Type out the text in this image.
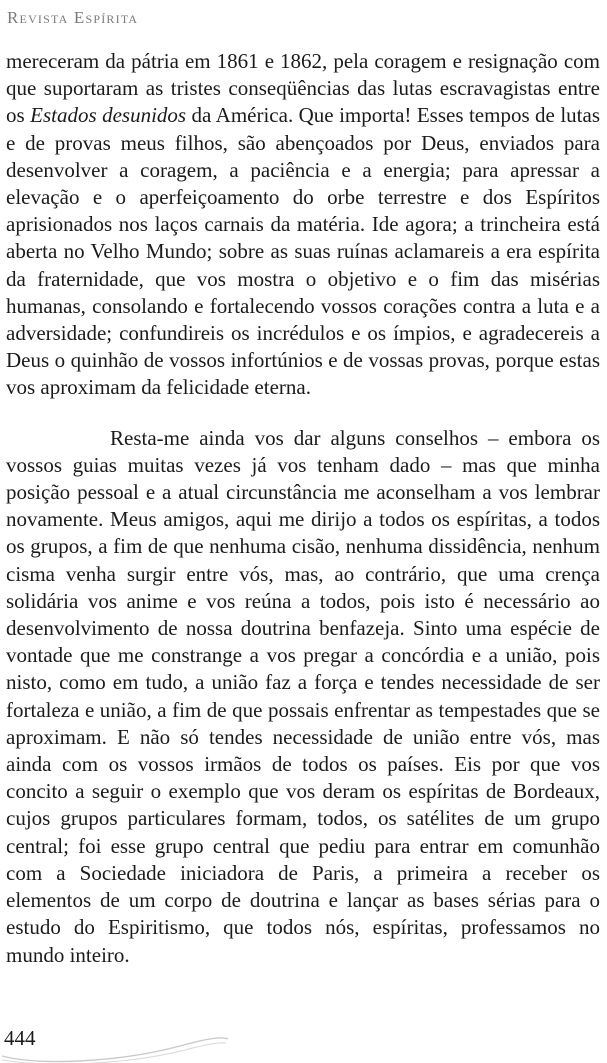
Revista Espírita

mereceram da pátria em 1861 e 1862, pela coragem e resignação com que suportaram as tristes conseqüências das lutas escravagistas entre os Estados desunidos da América. Que importa! Esses tempos de lutas e de provas meus filhos, são abençoados por Deus, enviados para desenvolver a coragem, a paciência e a energia; para apressar a elevação e o aperfeiçoamento do orbe terrestre e dos Espíritos aprisionados nos laços carnais da matéria. Ide agora; a trincheira está aberta no Velho Mundo; sobre as suas ruínas aclamareis a era espírita da fraternidade, que vos mostra o objetivo e o fim das misérias humanas, consolando e fortalecendo vossos corações contra a luta e a adversidade; confundireis os incrédulos e os ímpios, e agradecereis a Deus o quinhão de vossos infortúnios e de vossas provas, porque estas vos aproximam da felicidade eterna.

Resta-me ainda vos dar alguns conselhos – embora os vossos guias muitas vezes já vos tenham dado – mas que minha posição pessoal e a atual circunstância me aconselham a vos lembrar novamente. Meus amigos, aqui me dirijo a todos os espíritas, a todos os grupos, a fim de que nenhuma cisão, nenhuma dissidência, nenhum cisma venha surgir entre vós, mas, ao contrário, que uma crença solidária vos anime e vos reúna a todos, pois isto é necessário ao desenvolvimento de nossa doutrina benfazeja. Sinto uma espécie de vontade que me constrange a vos pregar a concórdia e a união, pois nisto, como em tudo, a união faz a força e tendes necessidade de ser fortaleza e união, a fim de que possais enfrentar as tempestades que se aproximam. E não só tendes necessidade de união entre vós, mas ainda com os vossos irmãos de todos os países. Eis por que vos concito a seguir o exemplo que vos deram os espíritas de Bordeaux, cujos grupos particulares formam, todos, os satélites de um grupo central; foi esse grupo central que pediu para entrar em comunhão com a Sociedade iniciadora de Paris, a primeira a receber os elementos de um corpo de doutrina e lançar as bases sérias para o estudo do Espiritismo, que todos nós, espíritas, professamos no mundo inteiro.

444
